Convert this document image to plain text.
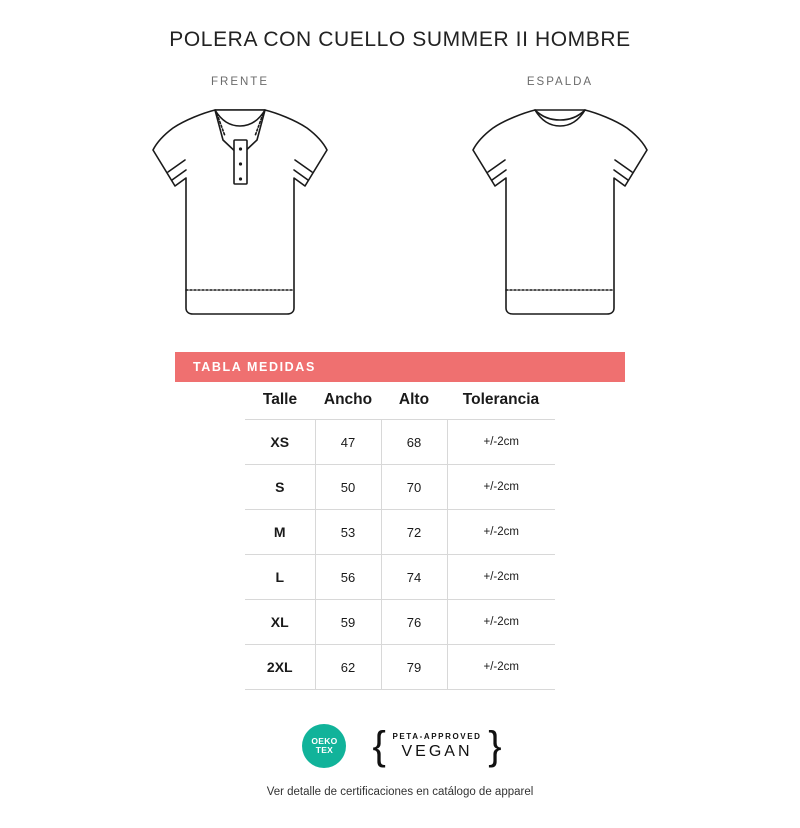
POLERA CON CUELLO SUMMER II HOMBRE
FRENTE	ESPALDA
TABLA MEDIDAS
Talle	Ancho	Alto	Tolerancia
XS	47	68	+/-2cm
S	50	70	+/-2cm
M	53	72	+/-2cm
L	56	74	+/-2cm
XL	59	76	+/-2cm
2XL	62	79	+/-2cm
OEKO
TEX { PETA-APPROVED
VEGAN }
Ver detalle de certificaciones en catálogo de apparel
